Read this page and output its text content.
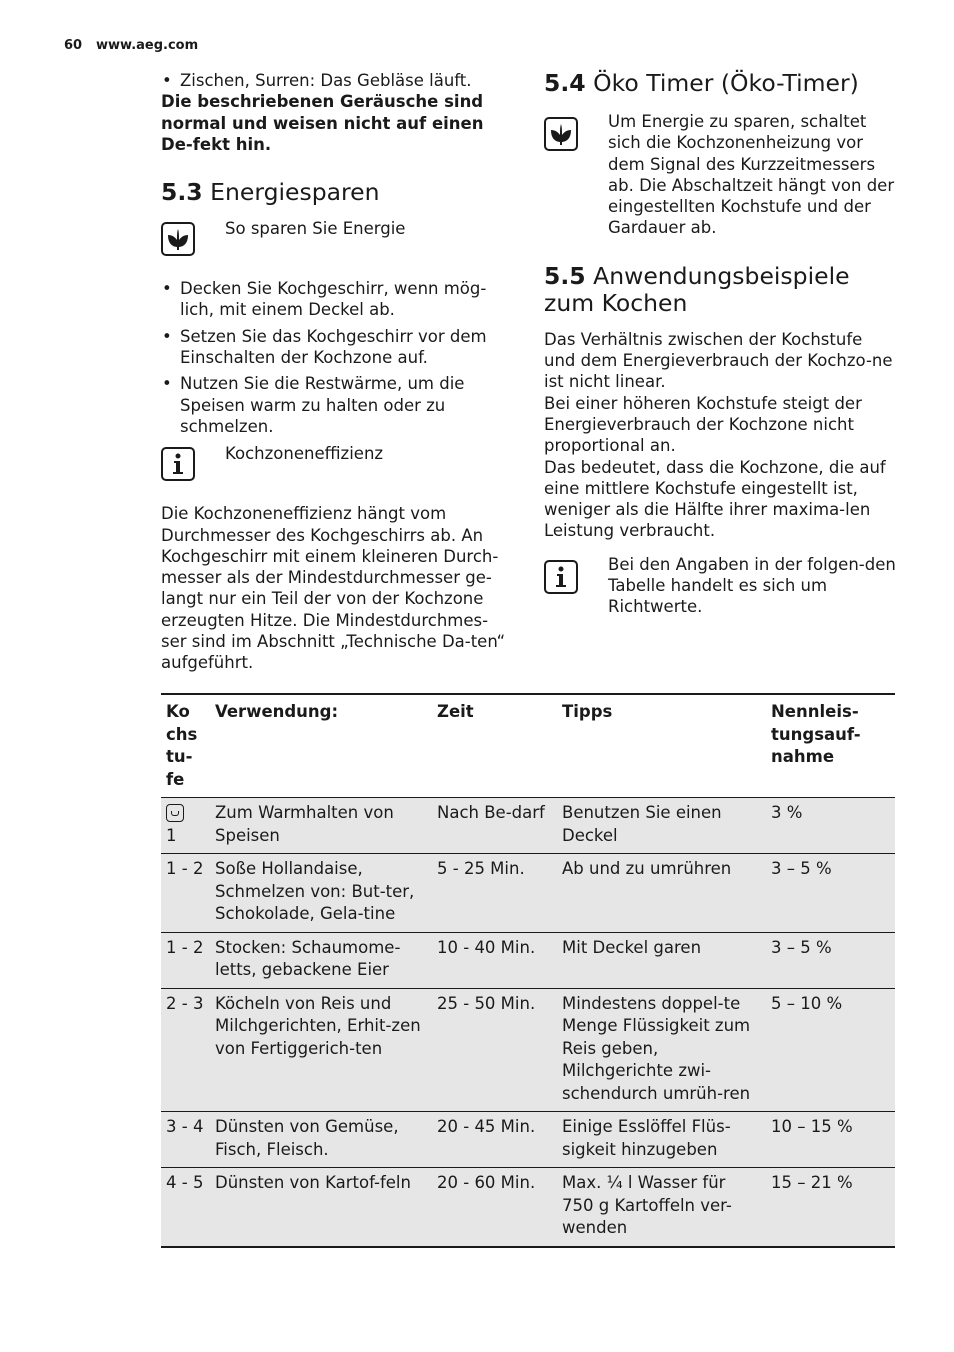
60 www.aeg.com
• Zischen, Surren: Das Gebläse läuft.

Die beschriebenen Geräusche sind normal und weisen nicht auf einen De-fekt hin.

5.3 Energiesparen
So sparen Sie Energie
• Decken Sie Kochgeschirr, wenn mög-lich, mit einem Deckel ab.
• Setzen Sie das Kochgeschirr vor dem Einschalten der Kochzone auf.
• Nutzen Sie die Restwärme, um die Speisen warm zu halten oder zu schmelzen.
Kochzoneneffizienz

Die Kochzoneneffizienz hängt vom Durchmesser des Kochgeschirrs ab. An Kochgeschirr mit einem kleineren Durch-messer als der Mindestdurchmesser ge-langt nur ein Teil der von der Kochzone erzeugten Hitze. Die Mindestdurchmes-ser sind im Abschnitt „Technische Da-ten“ aufgeführt.

5.4 Öko Timer (Öko-Timer)
Um Energie zu sparen, schaltet sich die Kochzonenheizung vor dem Signal des Kurzzeitmessers ab. Die Abschaltzeit hängt von der eingestellten Kochstufe und der Gardauer ab.
5.5 Anwendungsbeispiele zum Kochen

Das Verhältnis zwischen der Kochstufe und dem Energieverbrauch der Kochzo-ne ist nicht linear.

Bei einer höheren Kochstufe steigt der Energieverbrauch der Kochzone nicht proportional an.

Das bedeutet, dass die Kochzone, die auf eine mittlere Kochstufe eingestellt ist, weniger als die Hälfte ihrer maxima-len Leistung verbraucht.

Bei den Angaben in der folgen-den Tabelle handelt es sich um Richtwerte.
Ko chs tu- fe	Verwendung:	Zeit	Tipps	Nennleis-tungsauf-nahme

1	Zum Warmhalten von Speisen	Nach Be-darf	Benutzen Sie einen Deckel	3 %
1 - 2	Soße Hollandaise, Schmelzen von: But-ter, Schokolade, Gela-tine	5 - 25 Min.	Ab und zu umrühren	3 – 5 %
1 - 2	Stocken: Schaumome-letts, gebackene Eier	10 - 40 Min.	Mit Deckel garen	3 – 5 %
2 - 3	Köcheln von Reis und Milchgerichten, Erhit-zen von Fertiggerich-ten	25 - 50 Min.	Mindestens doppel-te Menge Flüssigkeit zum Reis geben, Milchgerichte zwi-schendurch umrüh-ren	5 – 10 %
3 - 4	Dünsten von Gemüse, Fisch, Fleisch.	20 - 45 Min.	Einige Esslöffel Flüs-sigkeit hinzugeben	10 – 15 %
4 - 5	Dünsten von Kartof-feln	20 - 60 Min.	Max. ¼ l Wasser für 750 g Kartoffeln ver-wenden	15 – 21 %
